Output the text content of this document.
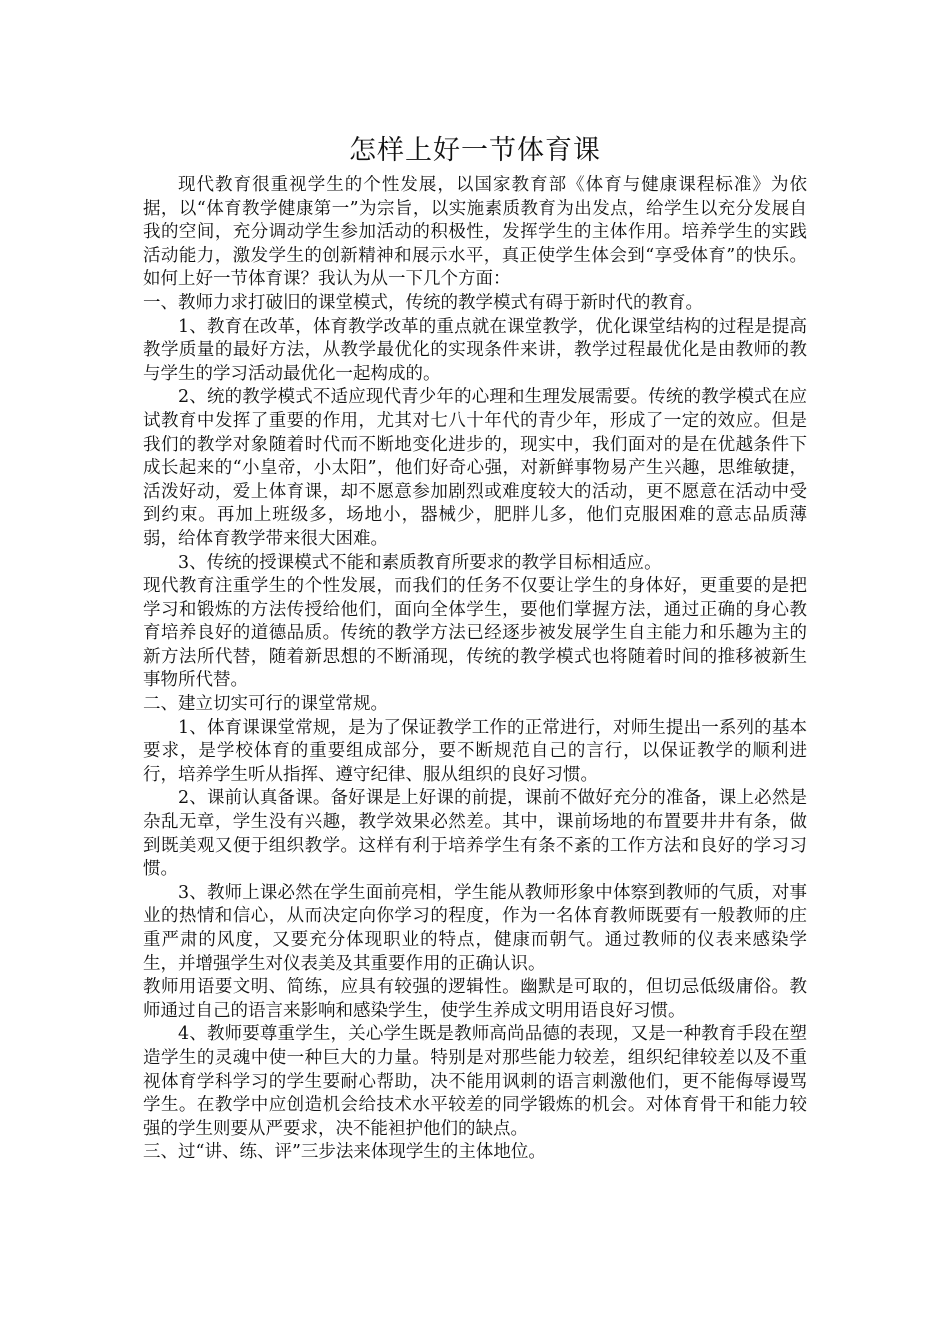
怎样上好一节体育课

现代教育很重视学生的个性发展，以国家教育部《体育与健康课程标准》为依据，以“体育教学健康第一”为宗旨，以实施素质教育为出发点，给学生以充分发展自我的空间，充分调动学生参加活动的积极性，发挥学生的主体作用。培养学生的实践活动能力，激发学生的创新精神和展示水平，真正使学生体会到“享受体育”的快乐。如何上好一节体育课？我认为从一下几个方面：

一、教师力求打破旧的课堂模式，传统的教学模式有碍于新时代的教育。

1、教育在改革，体育教学改革的重点就在课堂教学，优化课堂结构的过程是提高教学质量的最好方法，从教学最优化的实现条件来讲，教学过程最优化是由教师的教与学生的学习活动最优化一起构成的。

2、统的教学模式不适应现代青少年的心理和生理发展需要。传统的教学模式在应试教育中发挥了重要的作用，尤其对七八十年代的青少年，形成了一定的效应。但是我们的教学对象随着时代而不断地变化进步的，现实中，我们面对的是在优越条件下成长起来的“小皇帝，小太阳”，他们好奇心强，对新鲜事物易产生兴趣，思维敏捷，活泼好动，爱上体育课，却不愿意参加剧烈或难度较大的活动，更不愿意在活动中受到约束。再加上班级多，场地小，器械少，肥胖儿多，他们克服困难的意志品质薄弱，给体育教学带来很大困难。

3、传统的授课模式不能和素质教育所要求的教学目标相适应。

现代教育注重学生的个性发展，而我们的任务不仅要让学生的身体好，更重要的是把学习和锻炼的方法传授给他们，面向全体学生，要他们掌握方法，通过正确的身心教育培养良好的道德品质。传统的教学方法已经逐步被发展学生自主能力和乐趣为主的新方法所代替，随着新思想的不断涌现，传统的教学模式也将随着时间的推移被新生事物所代替。

二、建立切实可行的课堂常规。

1、体育课课堂常规，是为了保证教学工作的正常进行，对师生提出一系列的基本要求，是学校体育的重要组成部分，要不断规范自己的言行，以保证教学的顺利进行，培养学生听从指挥、遵守纪律、服从组织的良好习惯。

2、课前认真备课。备好课是上好课的前提，课前不做好充分的准备，课上必然是杂乱无章，学生没有兴趣，教学效果必然差。其中，课前场地的布置要井井有条，做到既美观又便于组织教学。这样有利于培养学生有条不紊的工作方法和良好的学习习惯。

3、教师上课必然在学生面前亮相，学生能从教师形象中体察到教师的气质，对事业的热情和信心，从而决定向你学习的程度，作为一名体育教师既要有一般教师的庄重严肃的风度，又要充分体现职业的特点，健康而朝气。通过教师的仪表来感染学生，并增强学生对仪表美及其重要作用的正确认识。

教师用语要文明、简练，应具有较强的逻辑性。幽默是可取的，但切忌低级庸俗。教师通过自己的语言来影响和感染学生，使学生养成文明用语良好习惯。

4、教师要尊重学生，关心学生既是教师高尚品德的表现，又是一种教育手段在塑造学生的灵魂中使一种巨大的力量。特别是对那些能力较差，组织纪律较差以及不重视体育学科学习的学生要耐心帮助，决不能用讽刺的语言刺激他们，更不能侮辱谩骂学生。在教学中应创造机会给技术水平较差的同学锻炼的机会。对体育骨干和能力较强的学生则要从严要求，决不能袒护他们的缺点。

三、过“讲、练、评”三步法来体现学生的主体地位。
